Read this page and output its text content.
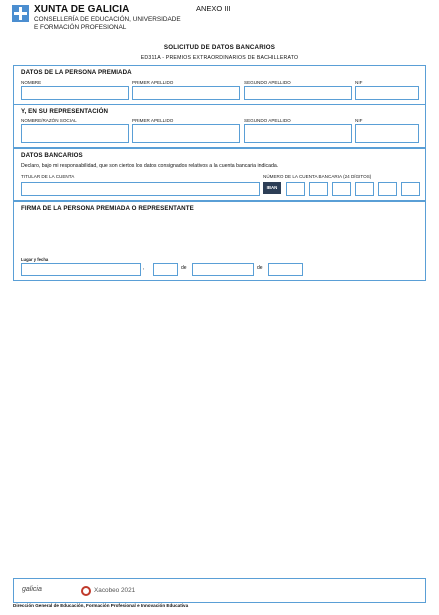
XUNTA DE GALICIA
CONSELLERÍA DE EDUCACIÓN, UNIVERSIDADE
E FORMACIÓN PROFESIONAL
ANEXO III
SOLICITUD DE DATOS BANCARIOS
ED311A - PREMIOS EXTRAORDINARIOS DE BACHILLERATO
DATOS DE LA PERSONA PREMIADA
NOMBRE	PRIMER APELLIDO	SEGUNDO APELLIDO	NIF
Y, EN SU REPRESENTACIÓN
NOMBRE/RAZÓN SOCIAL	PRIMER APELLIDO	SEGUNDO APELLIDO	NIF
DATOS BANCARIOS
Declaro, bajo mi responsabilidad, que son ciertos los datos consignados relativos a la cuenta bancaria indicada.
TITULAR DE LA CUENTA	NÚMERO DE LA CUENTA BANCARIA (24 DÍGITOS)
IBAN
FIRMA DE LA PERSONA PREMIADA O REPRESENTANTE
Lugar y fecha
,	de	de
galicia	Xacobeo 2021
Dirección General de Educación, Formación Profesional e Innovación Educativa
